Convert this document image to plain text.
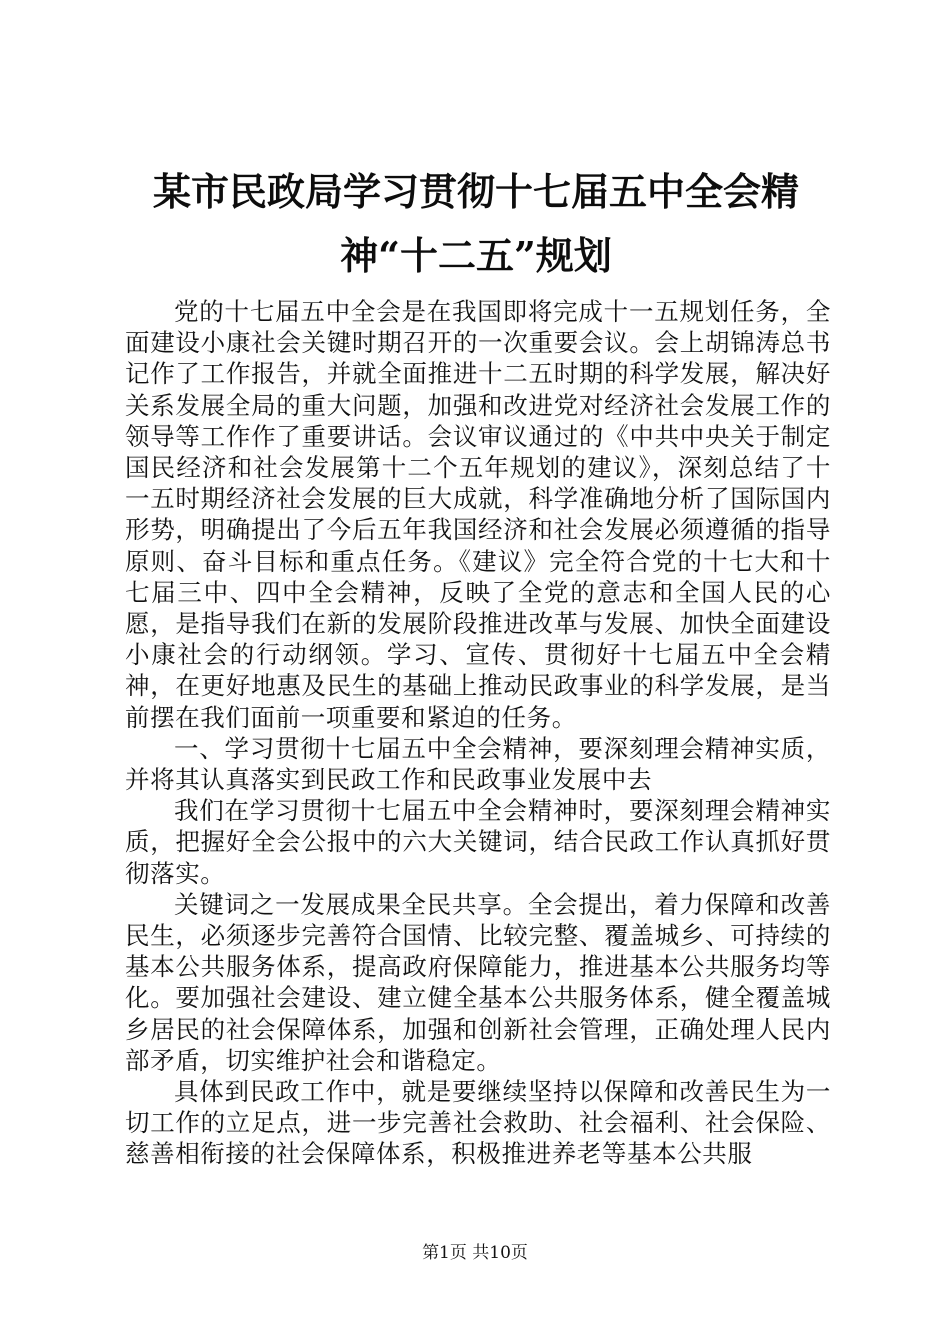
某市民政局学习贯彻十七届五中全会精神“十二五”规划

党的十七届五中全会是在我国即将完成十一五规划任务，全面建设小康社会关键时期召开的一次重要会议。会上胡锦涛总书记作了工作报告，并就全面推进十二五时期的科学发展，解决好关系发展全局的重大问题，加强和改进党对经济社会发展工作的领导等工作作了重要讲话。会议审议通过的《中共中央关于制定国民经济和社会发展第十二个五年规划的建议》，深刻总结了十一五时期经济社会发展的巨大成就，科学准确地分析了国际国内形势，明确提出了今后五年我国经济和社会发展必须遵循的指导原则、奋斗目标和重点任务。《建议》完全符合党的十七大和十七届三中、四中全会精神，反映了全党的意志和全国人民的心愿，是指导我们在新的发展阶段推进改革与发展、加快全面建设小康社会的行动纲领。学习、宣传、贯彻好十七届五中全会精神，在更好地惠及民生的基础上推动民政事业的科学发展，是当前摆在我们面前一项重要和紧迫的任务。

一、学习贯彻十七届五中全会精神，要深刻理会精神实质，并将其认真落实到民政工作和民政事业发展中去

我们在学习贯彻十七届五中全会精神时，要深刻理会精神实质，把握好全会公报中的六大关键词，结合民政工作认真抓好贯彻落实。

关键词之一发展成果全民共享。全会提出，着力保障和改善民生，必须逐步完善符合国情、比较完整、覆盖城乡、可持续的基本公共服务体系，提高政府保障能力，推进基本公共服务均等化。要加强社会建设、建立健全基本公共服务体系，健全覆盖城乡居民的社会保障体系，加强和创新社会管理，正确处理人民内部矛盾，切实维护社会和谐稳定。

具体到民政工作中，就是要继续坚持以保障和改善民生为一切工作的立足点，进一步完善社会救助、社会福利、社会保险、慈善相衔接的社会保障体系，积极推进养老等基本公共服

第1页 共10页
